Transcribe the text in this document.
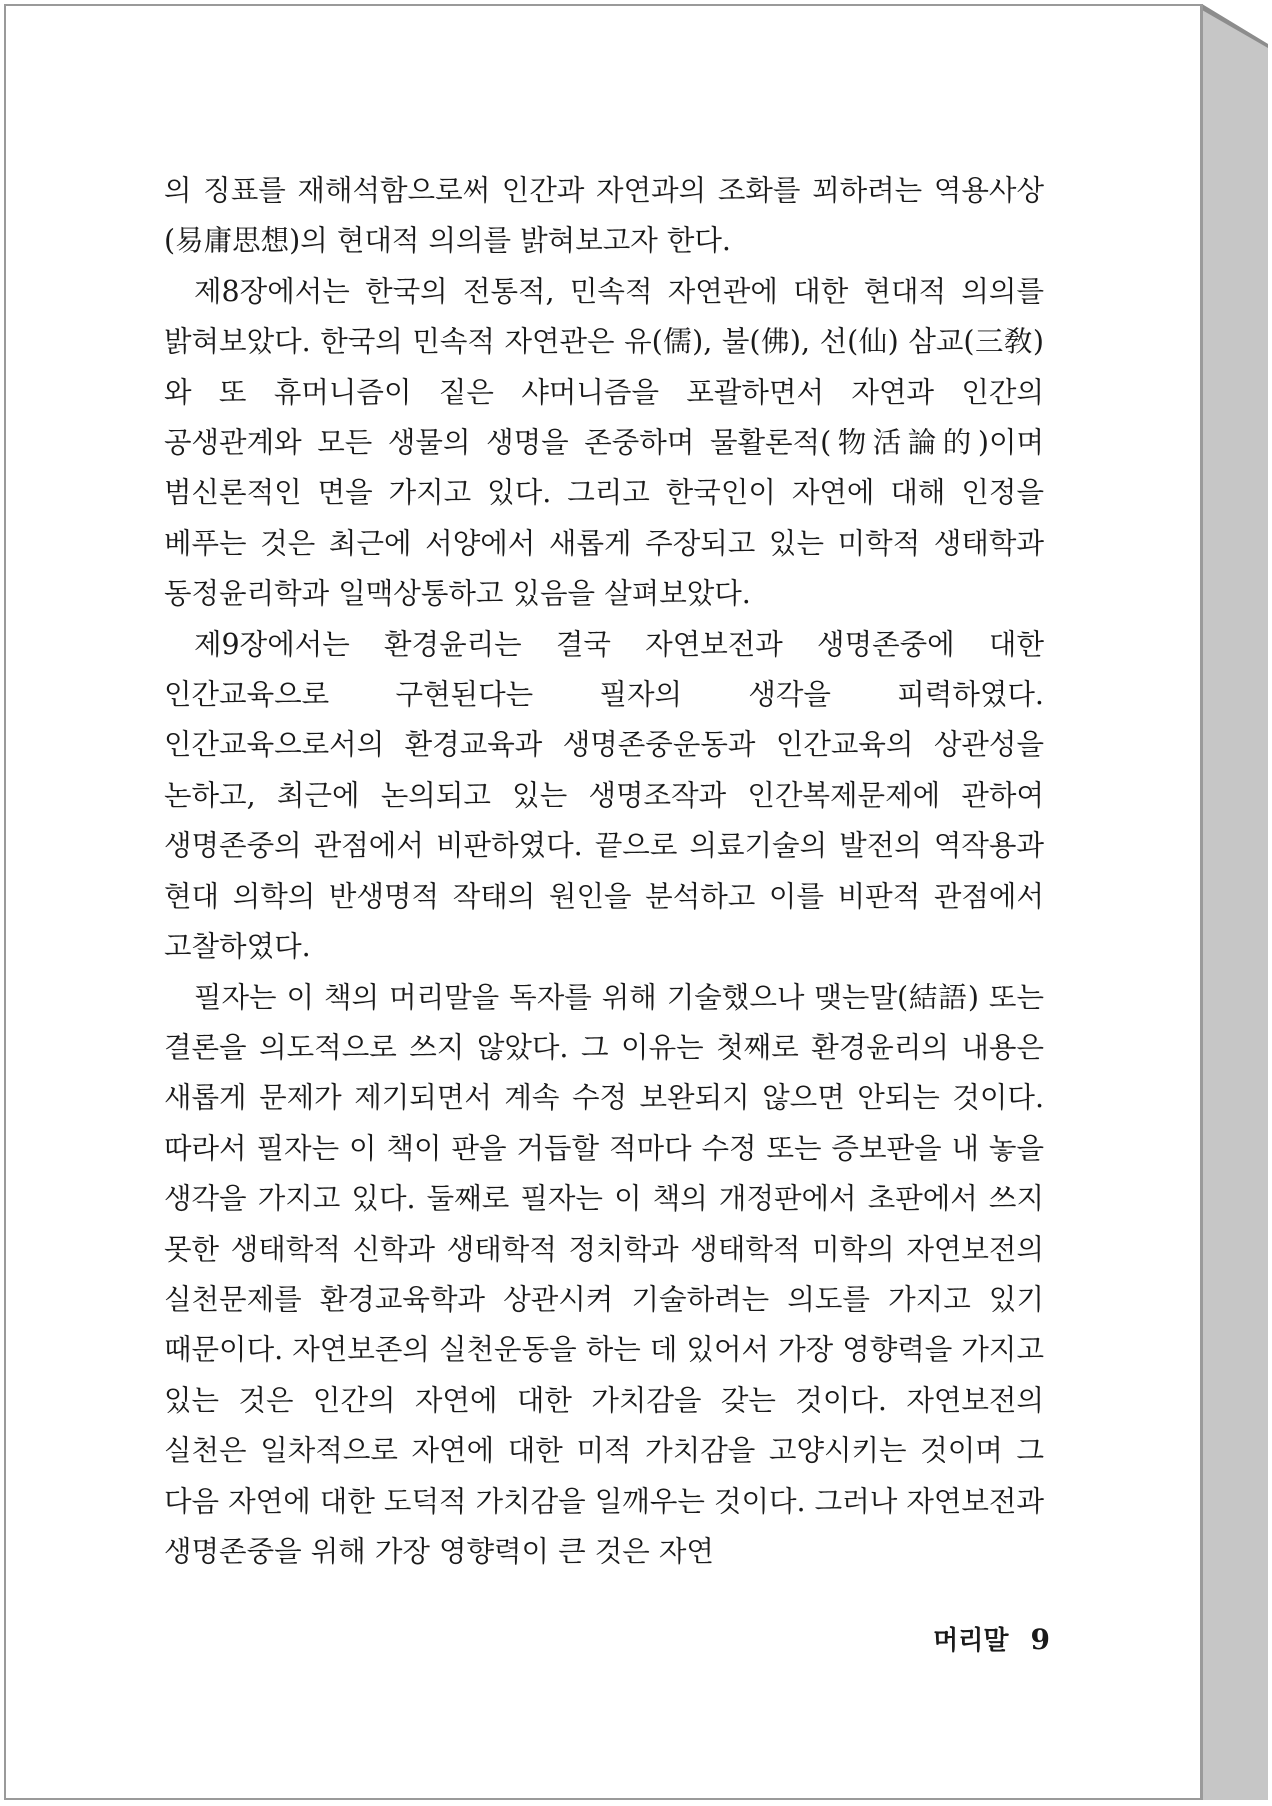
의 징표를 재해석함으로써 인간과 자연과의 조화를 꾀하려는 역용사상(易庸思想)의 현대적 의의를 밝혀보고자 한다.

제8장에서는 한국의 전통적, 민속적 자연관에 대한 현대적 의의를 밝혀보았다. 한국의 민속적 자연관은 유(儒), 불(佛), 선(仙) 삼교(三敎)와 또 휴머니즘이 짙은 샤머니즘을 포괄하면서 자연과 인간의 공생관계와 모든 생물의 생명을 존중하며 물활론적(物活論的)이며 범신론적인 면을 가지고 있다. 그리고 한국인이 자연에 대해 인정을 베푸는 것은 최근에 서양에서 새롭게 주장되고 있는 미학적 생태학과 동정윤리학과 일맥상통하고 있음을 살펴보았다.

제9장에서는 환경윤리는 결국 자연보전과 생명존중에 대한 인간교육으로 구현된다는 필자의 생각을 피력하였다. 인간교육으로서의 환경교육과 생명존중운동과 인간교육의 상관성을 논하고, 최근에 논의되고 있는 생명조작과 인간복제문제에 관하여 생명존중의 관점에서 비판하였다. 끝으로 의료기술의 발전의 역작용과 현대 의학의 반생명적 작태의 원인을 분석하고 이를 비판적 관점에서 고찰하였다.

필자는 이 책의 머리말을 독자를 위해 기술했으나 맺는말(結語) 또는 결론을 의도적으로 쓰지 않았다. 그 이유는 첫째로 환경윤리의 내용은 새롭게 문제가 제기되면서 계속 수정 보완되지 않으면 안되는 것이다. 따라서 필자는 이 책이 판을 거듭할 적마다 수정 또는 증보판을 내 놓을 생각을 가지고 있다. 둘째로 필자는 이 책의 개정판에서 초판에서 쓰지 못한 생태학적 신학과 생태학적 정치학과 생태학적 미학의 자연보전의 실천문제를 환경교육학과 상관시켜 기술하려는 의도를 가지고 있기 때문이다. 자연보존의 실천운동을 하는 데 있어서 가장 영향력을 가지고 있는 것은 인간의 자연에 대한 가치감을 갖는 것이다. 자연보전의 실천은 일차적으로 자연에 대한 미적 가치감을 고양시키는 것이며 그 다음 자연에 대한 도덕적 가치감을 일깨우는 것이다. 그러나 자연보전과 생명존중을 위해 가장 영향력이 큰 것은 자연

머리말 9
